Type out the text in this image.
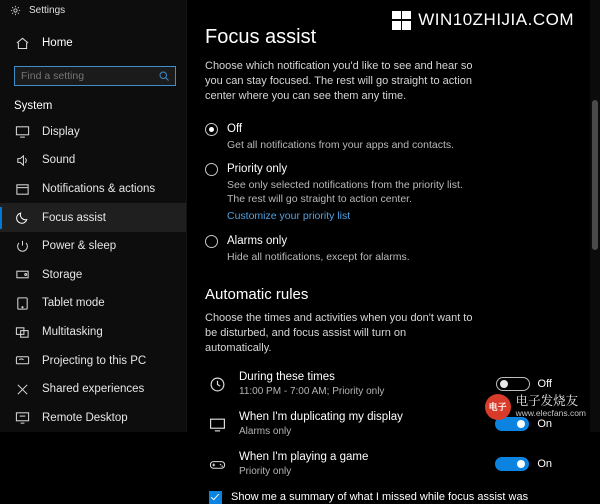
Settings
Home
Find a setting
System
Display
Sound
Notifications & actions
Focus assist
Power & sleep
Storage
Tablet mode
Multitasking
Projecting to this PC
Shared experiences
Remote Desktop
Focus assist
Choose which notification you'd like to see and hear so you can stay focused. The rest will go straight to action center where you can see them any time.
Off
Get all notifications from your apps and contacts.
Priority only
See only selected notifications from the priority list. The rest will go straight to action center.
Customize your priority list
Alarms only
Hide all notifications, except for alarms.
Automatic rules
Choose the times and activities when you don't want to be disturbed, and focus assist will turn on automatically.
During these times
11:00 PM - 7:00 AM; Priority only
Off
When I'm duplicating my display
Alarms only
On
When I'm playing a game
Priority only
On
Show me a summary of what I missed while focus assist was
WIN10ZHIJIA.COM
电子 电子发烧友
www.elecfans.com
